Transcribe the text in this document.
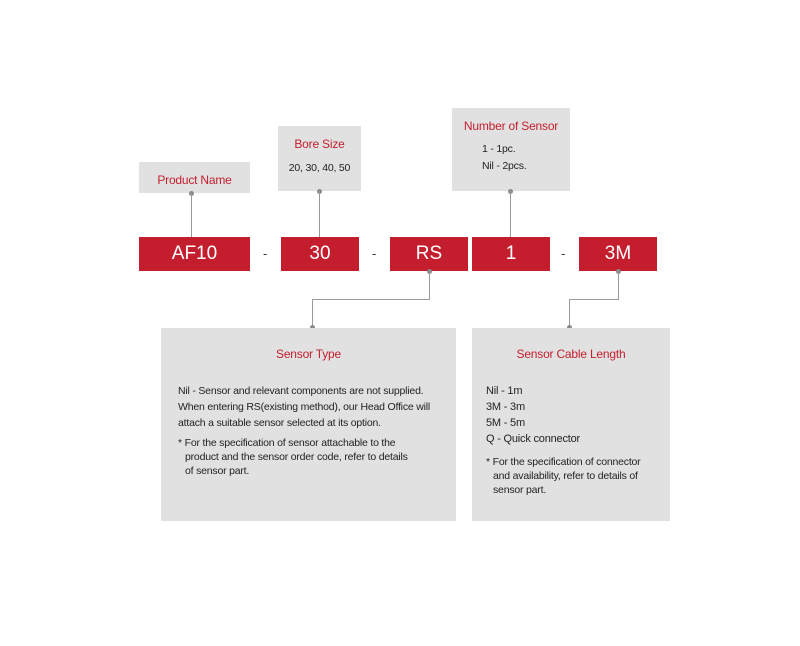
Product Name
Bore Size
20, 30, 40, 50
Number of Sensor
1 - 1pc.
Nil - 2pcs.
AF10	-	30	-	RS	1	-	3M
Sensor Type

Nil - Sensor and relevant components are not supplied.

When entering RS(existing method), our Head Office will

attach a suitable sensor selected at its option.

* For the specification of sensor attachable to the

product and the sensor order code, refer to details

of sensor part.

Sensor Cable Length

Nil - 1m

3M - 3m

5M - 5m

Q - Quick connector

* For the specification of connector

and availability, refer to details of

sensor part.
